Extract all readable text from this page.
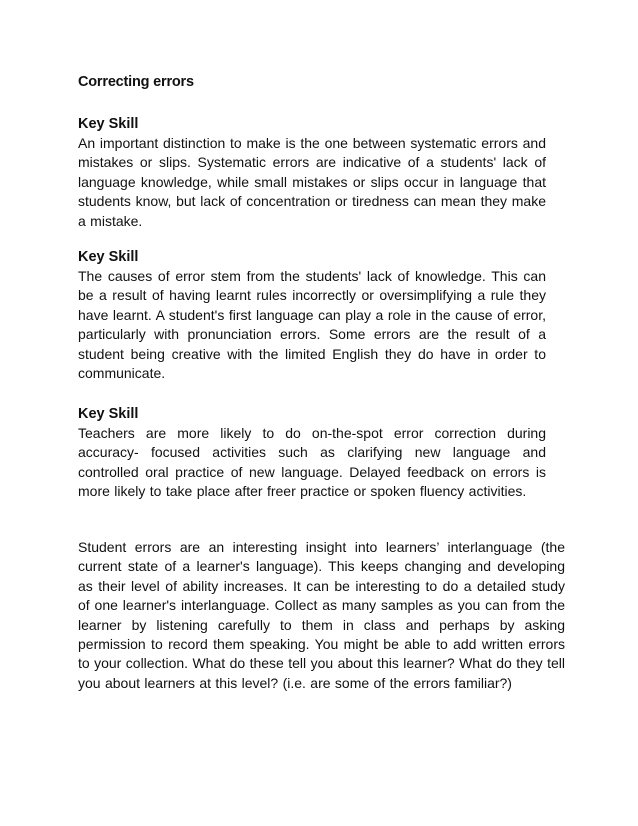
Correcting errors
Key Skill

An important distinction to make is the one between systematic errors and mistakes or slips. Systematic errors are indicative of a students' lack of language knowledge, while small mistakes or slips occur in language that students know, but lack of concentration or tiredness can mean they make a mistake.

Key Skill

The causes of error stem from the students' lack of knowledge. This can be a result of having learnt rules incorrectly or oversimplifying a rule they have learnt. A student's first language can play a role in the cause of error, particularly with pronunciation errors. Some errors are the result of a student being creative with the limited English they do have in order to communicate.

Key Skill

Teachers are more likely to do on-the-spot error correction during accuracy- focused activities such as clarifying new language and controlled oral practice of new language. Delayed feedback on errors is more likely to take place after freer practice or spoken fluency activities.

Student errors are an interesting insight into learners’ interlanguage (the current state of a learner's language). This keeps changing and developing as their level of ability increases. It can be interesting to do a detailed study of one learner's interlanguage. Collect as many samples as you can from the learner by listening carefully to them in class and perhaps by asking permission to record them speaking. You might be able to add written errors to your collection. What do these tell you about this learner? What do they tell you about learners at this level? (i.e. are some of the errors familiar?)
